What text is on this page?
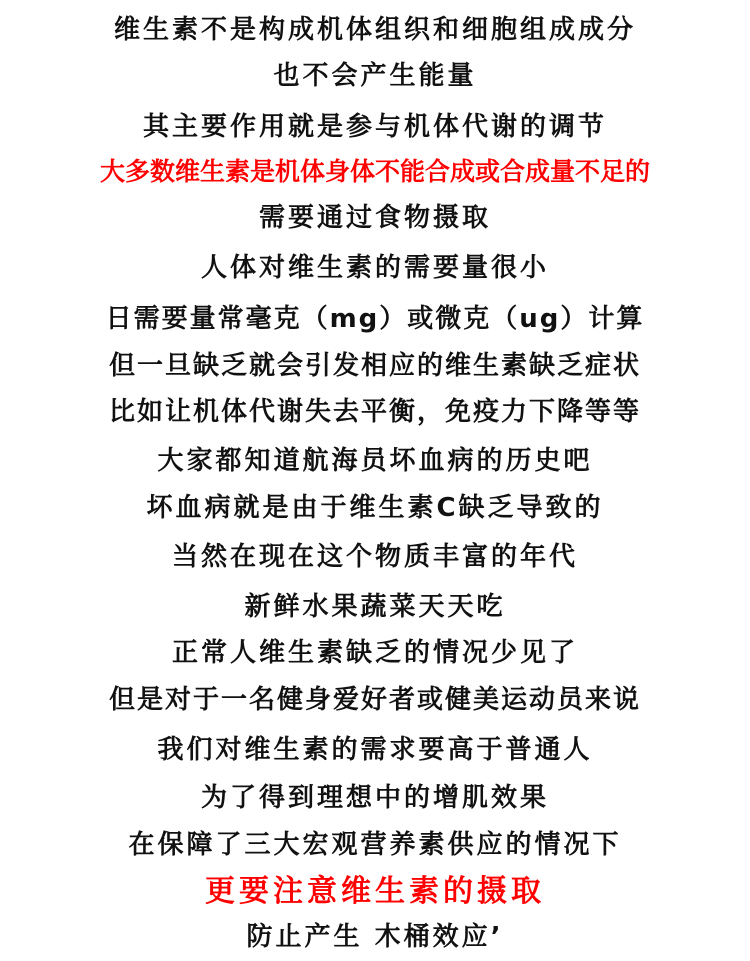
维生素不是构成机体组织和细胞组成成分
也不会产生能量
其主要作用就是参与机体代谢的调节
大多数维生素是机体身体不能合成或合成量不足的
需要通过食物摄取
人体对维生素的需要量很小
日需要量常毫克（mg）或微克（ug）计算
但一旦缺乏就会引发相应的维生素缺乏症状
比如让机体代谢失去平衡，免疫力下降等等
大家都知道航海员坏血病的历史吧
坏血病就是由于维生素C缺乏导致的
当然在现在这个物质丰富的年代
新鲜水果蔬菜天天吃
正常人维生素缺乏的情况少见了
但是对于一名健身爱好者或健美运动员来说
我们对维生素的需求要高于普通人
为了得到理想中的增肌效果
在保障了三大宏观营养素供应的情况下
更要注意维生素的摄取
防止产生 木桶效应’
